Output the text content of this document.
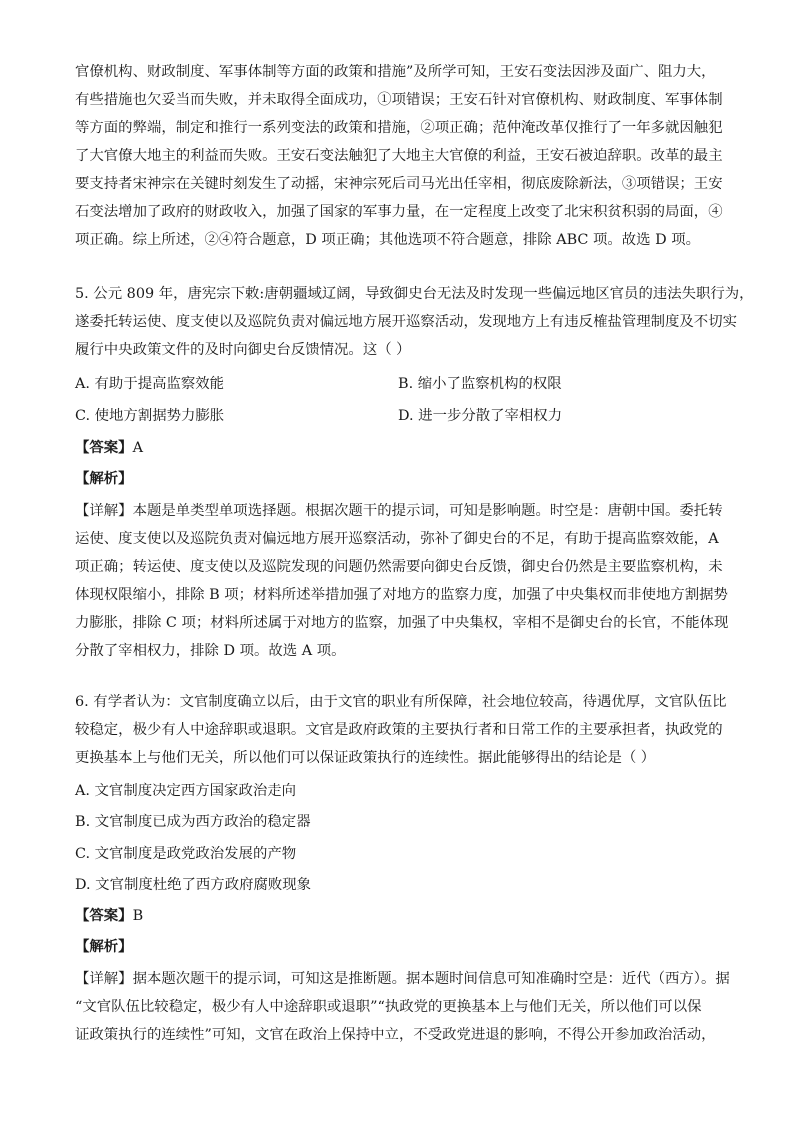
官僚机构、财政制度、军事体制等方面的政策和措施”及所学可知，王安石变法因涉及面广、阻力大，
有些措施也欠妥当而失败，并未取得全面成功，①项错误；王安石针对官僚机构、财政制度、军事体制
等方面的弊端，制定和推行一系列变法的政策和措施，②项正确；范仲淹改革仅推行了一年多就因触犯
了大官僚大地主的利益而失败。王安石变法触犯了大地主大官僚的利益，王安石被迫辞职。改革的最主
要支持者宋神宗在关键时刻发生了动摇，宋神宗死后司马光出任宰相，彻底废除新法，③项错误；王安
石变法增加了政府的财政收入，加强了国家的军事力量，在一定程度上改变了北宋积贫积弱的局面，④
项正确。综上所述，②④符合题意，D 项正确；其他选项不符合题意，排除 ABC 项。故选 D 项。
5. 公元 809 年，唐宪宗下敕:唐朝疆域辽阔，导致御史台无法及时发现一些偏远地区官员的违法失职行为，
遂委托转运使、度支使以及巡院负责对偏远地方展开巡察活动，发现地方上有违反榷盐管理制度及不切实
履行中央政策文件的及时向御史台反馈情况。这（ ）
A. 有助于提高监察效能	B. 缩小了监察机构的权限
C. 使地方割据势力膨胀	D. 进一步分散了宰相权力
【答案】A
【解析】
【详解】本题是单类型单项选择题。根据次题干的提示词，可知是影响题。时空是：唐朝中国。委托转
运使、度支使以及巡院负责对偏远地方展开巡察活动，弥补了御史台的不足，有助于提高监察效能，A
项正确；转运使、度支使以及巡院发现的问题仍然需要向御史台反馈，御史台仍然是主要监察机构，未
体现权限缩小，排除 B 项；材料所述举措加强了对地方的监察力度，加强了中央集权而非使地方割据势
力膨胀，排除 C 项；材料所述属于对地方的监察，加强了中央集权，宰相不是御史台的长官，不能体现
分散了宰相权力，排除 D 项。故选 A 项。
6. 有学者认为：文官制度确立以后，由于文官的职业有所保障，社会地位较高，待遇优厚，文官队伍比
较稳定，极少有人中途辞职或退职。文官是政府政策的主要执行者和日常工作的主要承担者，执政党的
更换基本上与他们无关，所以他们可以保证政策执行的连续性。据此能够得出的结论是（ ）
A. 文官制度决定西方国家政治走向
B. 文官制度已成为西方政治的稳定器
C. 文官制度是政党政治发展的产物
D. 文官制度杜绝了西方政府腐败现象
【答案】B
【解析】
【详解】据本题次题干的提示词，可知这是推断题。据本题时间信息可知准确时空是：近代（西方）。据
“文官队伍比较稳定，极少有人中途辞职或退职”“执政党的更换基本上与他们无关，所以他们可以保
证政策执行的连续性”可知，文官在政治上保持中立，不受政党进退的影响，不得公开参加政治活动，
